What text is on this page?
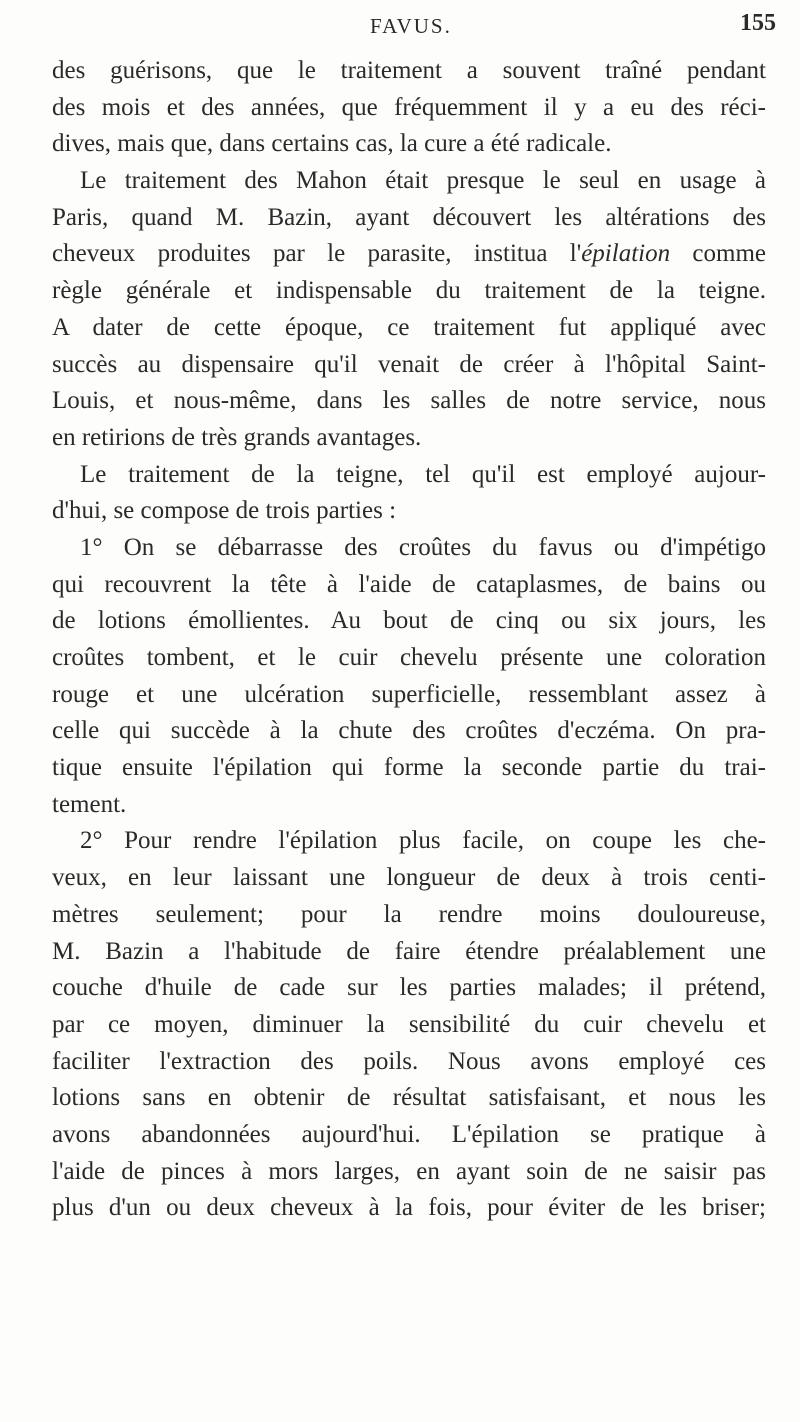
FAVUS.	155
des guérisons, que le traitement a souvent traîné pendant
des mois et des années, que fréquemment il y a eu des réci-
dives, mais que, dans certains cas, la cure a été radicale.
Le traitement des Mahon était presque le seul en usage à
Paris, quand M. Bazin, ayant découvert les altérations des
cheveux produites par le parasite, institua l'épilation comme
règle générale et indispensable du traitement de la teigne.
A dater de cette époque, ce traitement fut appliqué avec
succès au dispensaire qu'il venait de créer à l'hôpital Saint-
Louis, et nous-même, dans les salles de notre service, nous
en retirions de très grands avantages.
Le traitement de la teigne, tel qu'il est employé aujour-
d'hui, se compose de trois parties :
1° On se débarrasse des croûtes du favus ou d'impétigo
qui recouvrent la tête à l'aide de cataplasmes, de bains ou
de lotions émollientes. Au bout de cinq ou six jours, les
croûtes tombent, et le cuir chevelu présente une coloration
rouge et une ulcération superficielle, ressemblant assez à
celle qui succède à la chute des croûtes d'eczéma. On pra-
tique ensuite l'épilation qui forme la seconde partie du trai-
tement.
2° Pour rendre l'épilation plus facile, on coupe les che-
veux, en leur laissant une longueur de deux à trois centi-
mètres seulement; pour la rendre moins douloureuse,
M. Bazin a l'habitude de faire étendre préalablement une
couche d'huile de cade sur les parties malades; il prétend,
par ce moyen, diminuer la sensibilité du cuir chevelu et
faciliter l'extraction des poils. Nous avons employé ces
lotions sans en obtenir de résultat satisfaisant, et nous les
avons abandonnées aujourd'hui. L'épilation se pratique à
l'aide de pinces à mors larges, en ayant soin de ne saisir pas
plus d'un ou deux cheveux à la fois, pour éviter de les briser;
